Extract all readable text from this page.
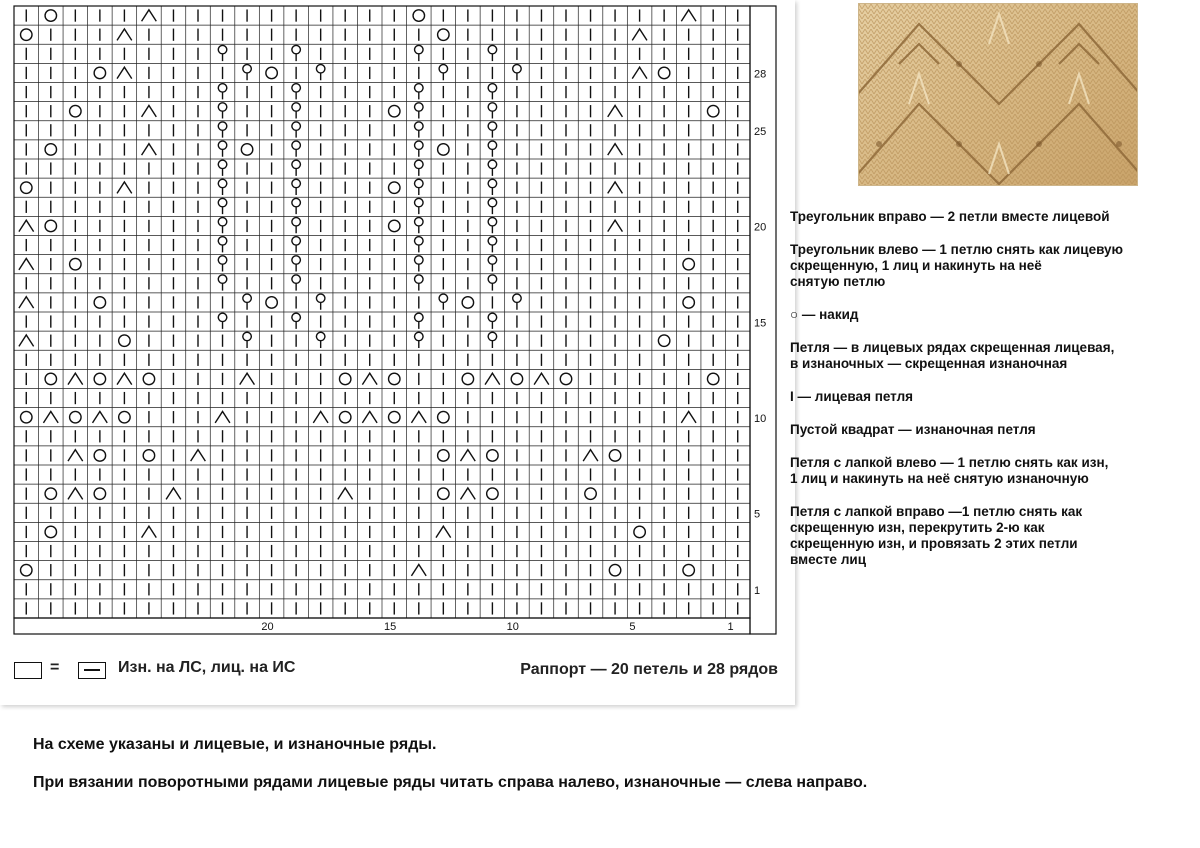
28
25
20
15
10
5
1
20	15	10	5	1
=	Изн. на ЛС, лиц. на ИС	Раппорт — 20 петель и 28 рядов
Треугольник вправо — 2 петли вместе лицевой
Треугольник влево — 1 петлю снять как лицевую
скрещенную, 1 лиц и накинуть на неё
снятую петлю
○ — накид
Петля — в лицевых рядах скрещенная лицевая,
в изнаночных — скрещенная изнаночная
I — лицевая петля
Пустой квадрат — изнаночная петля
Петля с лапкой влево — 1 петлю снять как изн,
1 лиц и накинуть на неё снятую изнаночную
Петля с лапкой вправо —1 петлю снять как
скрещенную изн, перекрутить 2-ю как
скрещенную изн, и провязать 2 этих петли
вместе лиц
На схеме указаны и лицевые, и изнаночные ряды.
При вязании поворотными рядами лицевые ряды читать справа налево, изнаночные — слева направо.
